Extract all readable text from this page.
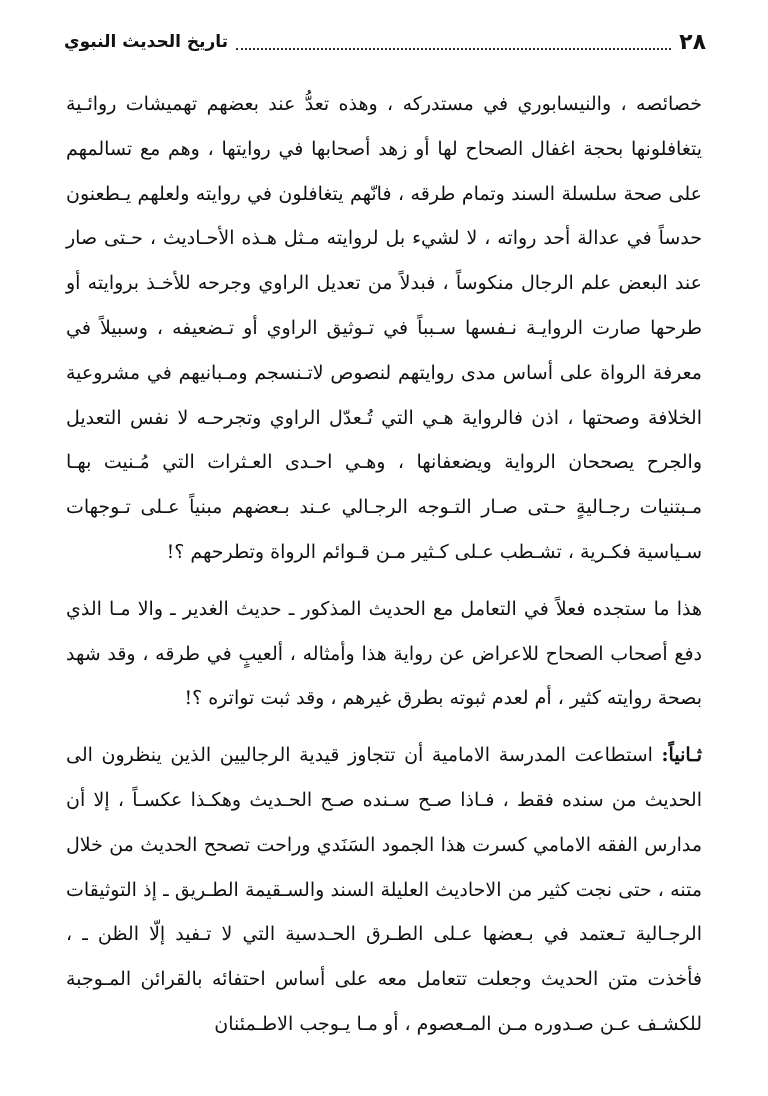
٢٨
تاريخ الحديث النبوي

خصائصه ، والنيسابوري في مستدركه ، وهذه تعدُّ عند بعضهم تهميشات روائـية يتغافلونها بحجة اغفال الصحاح لها أو زهد أصحابها في روايتها ، وهم مع تسالمهم على صحة سلسلة السند وتمام طرقه ، فانّهم يتغافلون في روايته ولعلهم يـطعنون حدساً في عدالة أحد رواته ، لا لشيء بل لروايته مـثل هـذه الأحـاديث ، حـتى صار عند البعض علم الرجال منكوساً ، فبدلاً من تعديل الراوي وجرحه للأخـذ بروايته أو طرحها صارت الروايـة نـفسها سـبباً في تـوثيق الراوي أو تـضعيفه ، وسبيلاً في معرفة الرواة على أساس مدى روايتهم لنصوص لاتـنسجم ومـبانيهم في مشروعية الخلافة وصحتها ، اذن فالرواية هـي التي تُـعدّل الراوي وتجرحـه لا نفس التعديل والجرح يصححان الرواية ويضعفانها ، وهـي احـدى العـثرات التي مُـنيت بهـا مـبتنيات رجـاليةٍ حـتى صـار التـوجه الرجـالي عـند بـعضهم مبنياً عـلى تـوجهات سـياسية فكـرية ، تشـطب عـلى كـثير مـن قـوائم الرواة وتطرحهم ؟!

هذا ما ستجده فعلاً في التعامل مع الحديث المذكور ـ حديث الغدير ـ والا مـا الذي دفع أصحاب الصحاح للاعراض عن رواية هذا وأمثاله ، ألعيبٍ في طرقه ، وقد شهد بصحة روايته كثير ، أم لعدم ثبوته بطرق غيرهم ، وقد ثبت تواتره ؟!

ثـانياً: استطاعت المدرسة الامامية أن تتجاوز قيدية الرجاليين الذين ينظرون الى الحديث من سنده فقط ، فـاذا صـح سـنده صـح الحـديث وهكـذا عكسـاً ، إلا أن مدارس الفقه الامامي كسرت هذا الجمود السَنَدي وراحت تصحح الحديث من خلال متنه ، حتى نجت كثير من الاحاديث العليلة السند والسـقيمة الطـريق ـ إذ التوثيقات الرجـالية تـعتمد في بـعضها عـلى الطـرق الحـدسية التي لا تـفيد إلّا الظن ـ ، فأخذت متن الحديث وجعلت تتعامل معه على أساس احتفائه بالقرائن المـوجبة للكشـف عـن صـدوره مـن المـعصوم ، أو مـا يـوجب الاطـمئنان
